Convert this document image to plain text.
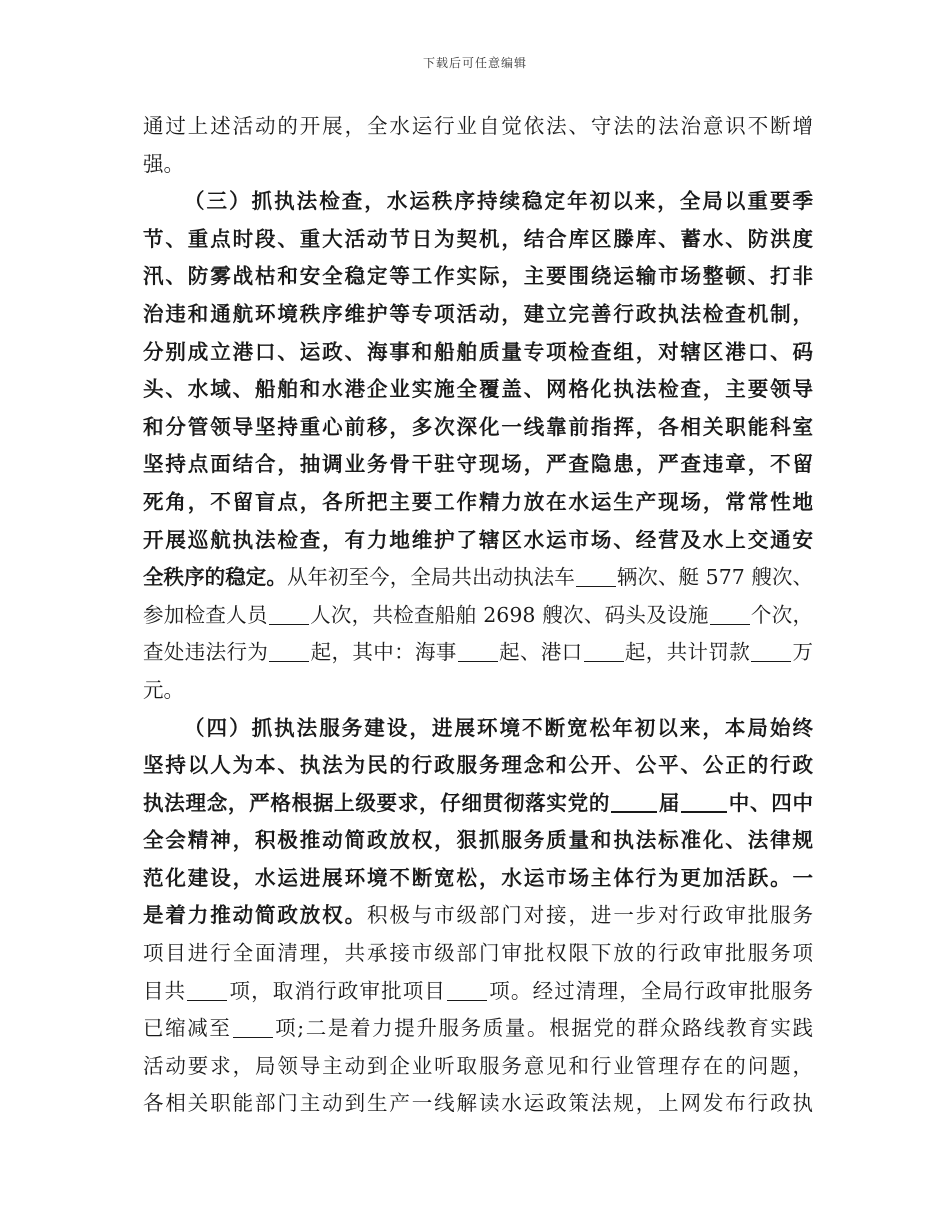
下载后可任意编辑
通过上述活动的开展，全水运行业自觉依法、守法的法治意识不断增
强。
（三）抓执法检查，水运秩序持续稳定年初以来，全局以重要季
节、重点时段、重大活动节日为契机，结合库区滕库、蓄水、防洪度
汛、防雾战枯和安全稳定等工作实际，主要围绕运输市场整顿、打非
治违和通航环境秩序维护等专项活动，建立完善行政执法检查机制，
分别成立港口、运政、海事和船舶质量专项检查组，对辖区港口、码
头、水域、船舶和水港企业实施全覆盖、网格化执法检查，主要领导
和分管领导坚持重心前移，多次深化一线靠前指挥，各相关职能科室
坚持点面结合，抽调业务骨干驻守现场，严查隐患，严查违章，不留
死角，不留盲点，各所把主要工作精力放在水运生产现场，常常性地
开展巡航执法检查，有力地维护了辖区水运市场、经营及水上交通安
全秩序的稳定。从年初至今，全局共出动执法车 辆次、艇 577 艘次、
参加检查人员 人次，共检查船舶 2698 艘次、码头及设施 个次，
查处违法行为 起，其中：海事 起、港口 起，共计罚款 万
元。
（四）抓执法服务建设，进展环境不断宽松年初以来，本局始终
坚持以人为本、执法为民的行政服务理念和公开、公平、公正的行政
执法理念，严格根据上级要求，仔细贯彻落实党的 届 中、四中
全会精神，积极推动简政放权，狠抓服务质量和执法标准化、法律规
范化建设，水运进展环境不断宽松，水运市场主体行为更加活跃。一
是着力推动简政放权。积极与市级部门对接，进一步对行政审批服务
项目进行全面清理，共承接市级部门审批权限下放的行政审批服务项
目共 项，取消行政审批项目 项。经过清理，全局行政审批服务
已缩减至 项;二是着力提升服务质量。根据党的群众路线教育实践
活动要求，局领导主动到企业听取服务意见和行业管理存在的问题，
各相关职能部门主动到生产一线解读水运政策法规，上网发布行政执
